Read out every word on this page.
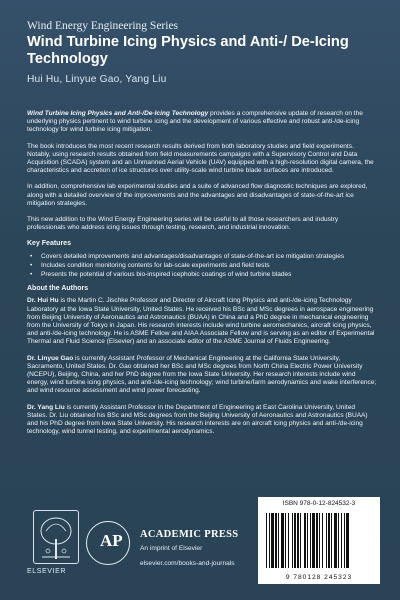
Wind Energy Engineering Series
Wind Turbine Icing Physics and Anti-/ De-Icing Technology
Hui Hu, Linyue Gao, Yang Liu

Wind Turbine Icing Physics and Anti-/De-Icing Technology provides a comprehensive update of research on the underlying physics pertinent to wind turbine icing and the development of various effective and robust anti-/de-icing technology for wind turbine icing mitigation.

The book introduces the most recent research results derived from both laboratory studies and field experiments. Notably, using research results obtained from field measurements campaigns with a Supervisory Control and Data Acquisition (SCADA) system and an Unmanned Aerial Vehicle (UAV) equipped with a high-resolution digital camera, the characteristics and accretion of ice structures over utility-scale wind turbine blade surfaces are introduced.

In addition, comprehensive lab experimental studies and a suite of advanced flow diagnostic techniques are explored, along with a detailed overview of the improvements and the advantages and disadvantages of state-of-the-art ice mitigation strategies.

This new addition to the Wind Energy Engineering series will be useful to all those researchers and industry professionals who address icing issues through testing, research, and industrial innovation.

Key Features
• Covers detailed improvements and advantages/disadvantages of state-of-the-art ice mitigation strategies
• Includes condition monitoring contents for lab-scale experiments and field tests
• Presents the potential of various bio-inspired icephobic coatings of wind turbine blades
About the Authors

Dr. Hui Hu is the Martin C. Jischke Professor and Director of Aircraft Icing Physics and anti-/de-icing Technology Laboratory at the Iowa State University, United States. He received his BSc and MSc degrees in aerospace engineering from Beijing University of Aeronautics and Astronautics (BUAA) in China and a PhD degree in mechanical engineering from the University of Tokyo in Japan. His research interests include wind turbine aeromechanics, aircraft icing physics, and anti-/de-icing technology. He is ASME Fellow and AIAA Associate Fellow and is serving as an editor of Experimental Thermal and Fluid Science (Elsevier) and an associate editor of the ASME Journal of Fluids Engineering.

Dr. Linyue Gao is currently Assistant Professor of Mechanical Engineering at the California State University, Sacramento, United States. Dr. Gao obtained her BSc and MSc degrees from North China Electric Power University (NCEPU), Beijing, China, and her PhD degree from the Iowa State University. Her research interests include wind energy, wind turbine icing physics, and anti-/de-icing technology; wind turbine/farm aerodynamics and wake interference; and wind resource assessment and wind power forecasting.

Dr. Yang Liu is currently Assistant Professor in the Department of Engineering at East Carolina University, United States. Dr. Liu obtained his BSc and MSc degrees from the Beijing University of Aeronautics and Astronautics (BUAA) and his PhD degree from Iowa State University. His research interests are on aircraft icing physics and anti-/de-icing technology, wind tunnel testing, and experimental aerodynamics.

ELSEVIER
AP ACADEMIC PRESS
An imprint of Elsevier
elsevier.com/books-and-journals
ISBN 978-0-12-824532-3
9 780128 245323
